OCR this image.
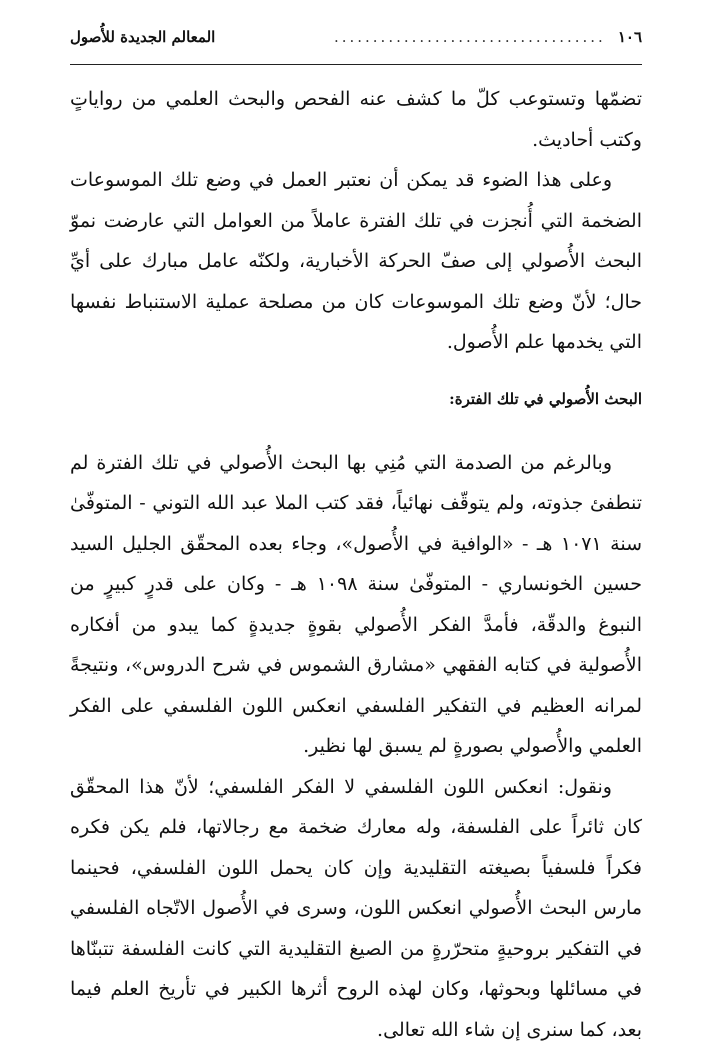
١٠٦
...................................
المعالم الجديدة للأُصول

تضمّها وتستوعب كلّ ما كشف عنه الفحص والبحث العلمي من رواياتٍ وكتب أحاديث.

وعلى هذا الضوء قد يمكن أن نعتبر العمل في وضع تلك الموسوعات الضخمة التي أُنجزت في تلك الفترة عاملاً من العوامل التي عارضت نموّ البحث الأُصولي إلى صفّ الحركة الأخبارية، ولكنّه عامل مبارك على أيِّ حال؛ لأنّ وضع تلك الموسوعات كان من مصلحة عملية الاستنباط نفسها التي يخدمها علم الأُصول.

البحث الأُصولي في تلك الفترة:

وبالرغم من الصدمة التي مُنِي بها البحث الأُصولي في تلك الفترة لم تنطفئ جذوته، ولم يتوقّف نهائياً، فقد كتب الملا عبد الله التوني - المتوفّىٰ سنة ١٠٧١ هـ - «الوافية في الأُصول»، وجاء بعده المحقّق الجليل السيد حسين الخونساري - المتوفّىٰ سنة ١٠٩٨ هـ - وكان على قدرٍ كبيرٍ من النبوغ والدقّة، فأمدَّ الفكر الأُصولي بقوةٍ جديدةٍ كما يبدو من أفكاره الأُصولية في كتابه الفقهي «مشارق الشموس في شرح الدروس»، ونتيجةً لمرانه العظيم في التفكير الفلسفي انعكس اللون الفلسفي على الفكر العلمي والأُصولي بصورةٍ لم يسبق لها نظير.

ونقول: انعكس اللون الفلسفي لا الفكر الفلسفي؛ لأنّ هذا المحقّق كان ثائراً على الفلسفة، وله معارك ضخمة مع رجالاتها، فلم يكن فكره فكراً فلسفياً بصيغته التقليدية وإن كان يحمل اللون الفلسفي، فحينما مارس البحث الأُصولي انعكس اللون، وسرى في الأُصول الاتّجاه الفلسفي في التفكير بروحيةٍ متحرّرةٍ من الصيغ التقليدية التي كانت الفلسفة تتبنّاها في مسائلها وبحوثها، وكان لهذه الروح أثرها الكبير في تأريخ العلم فيما بعد، كما سنرى إن شاء الله تعالى.
